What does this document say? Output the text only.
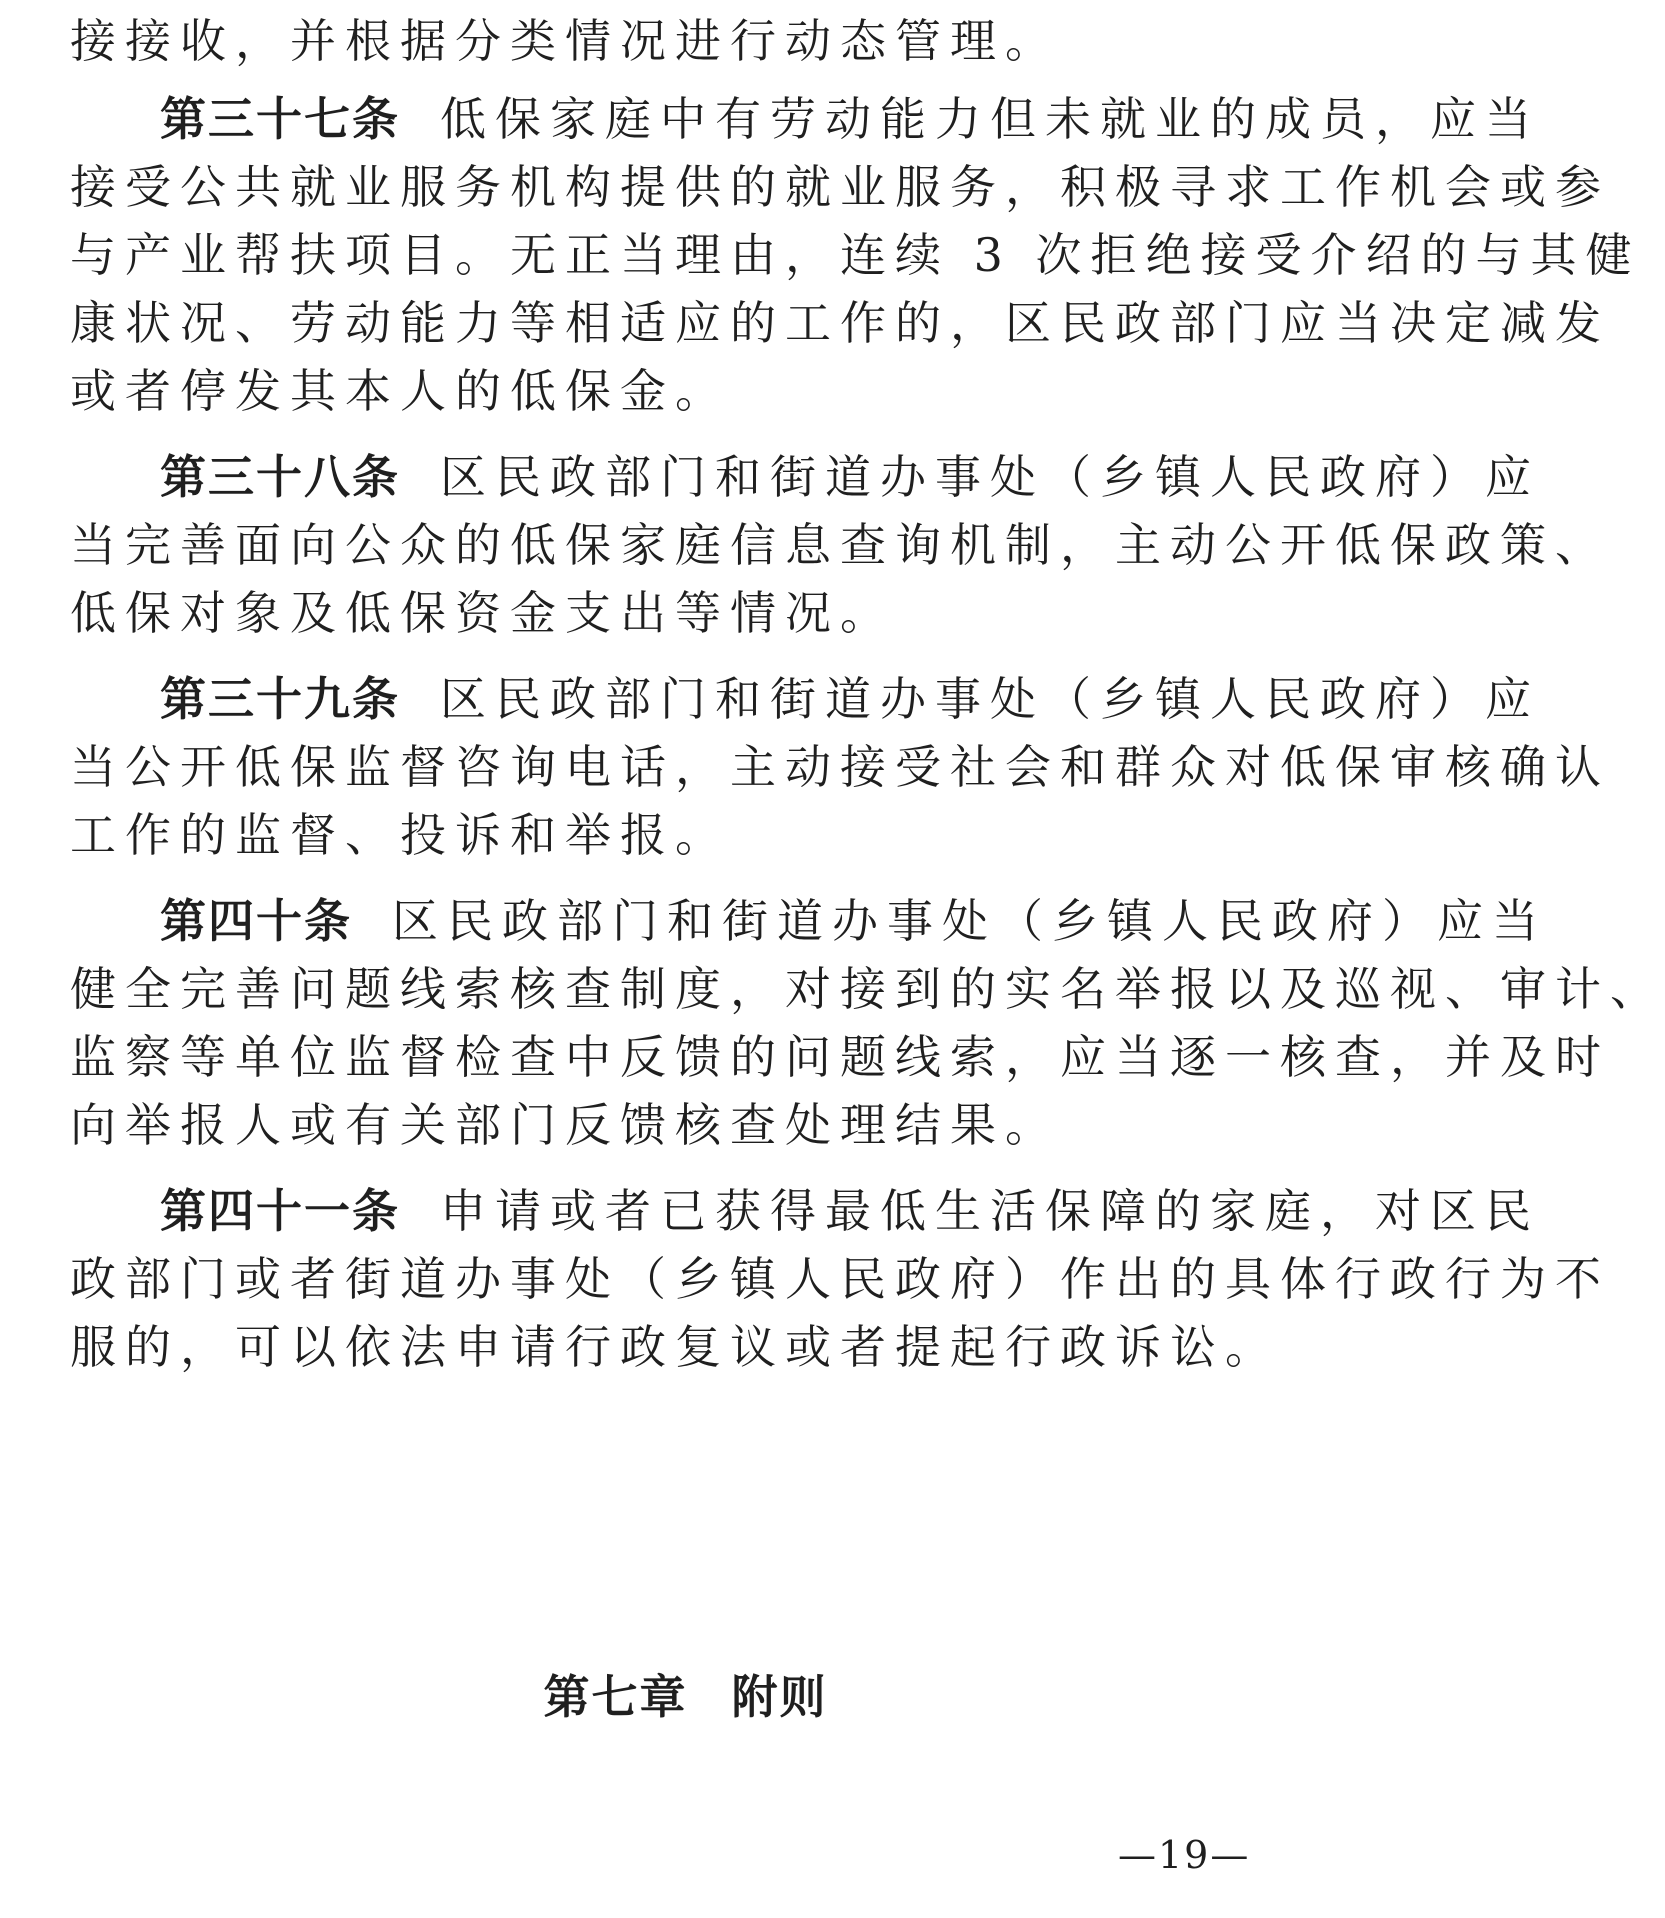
接接收，并根据分类情况进行动态管理。
第三十七条 低保家庭中有劳动能力但未就业的成员，应当
接受公共就业服务机构提供的就业服务，积极寻求工作机会或参
与产业帮扶项目。无正当理由，连续 3 次拒绝接受介绍的与其健
康状况、劳动能力等相适应的工作的，区民政部门应当决定减发
或者停发其本人的低保金。
第三十八条 区民政部门和街道办事处（乡镇人民政府）应
当完善面向公众的低保家庭信息查询机制，主动公开低保政策、
低保对象及低保资金支出等情况。
第三十九条 区民政部门和街道办事处（乡镇人民政府）应
当公开低保监督咨询电话，主动接受社会和群众对低保审核确认
工作的监督、投诉和举报。
第四十条 区民政部门和街道办事处（乡镇人民政府）应当
健全完善问题线索核查制度，对接到的实名举报以及巡视、审计、
监察等单位监督检查中反馈的问题线索，应当逐一核查，并及时
向举报人或有关部门反馈核查处理结果。
第四十一条 申请或者已获得最低生活保障的家庭，对区民
政部门或者街道办事处（乡镇人民政府）作出的具体行政行为不
服的，可以依法申请行政复议或者提起行政诉讼。
第七章 附则
—19—
